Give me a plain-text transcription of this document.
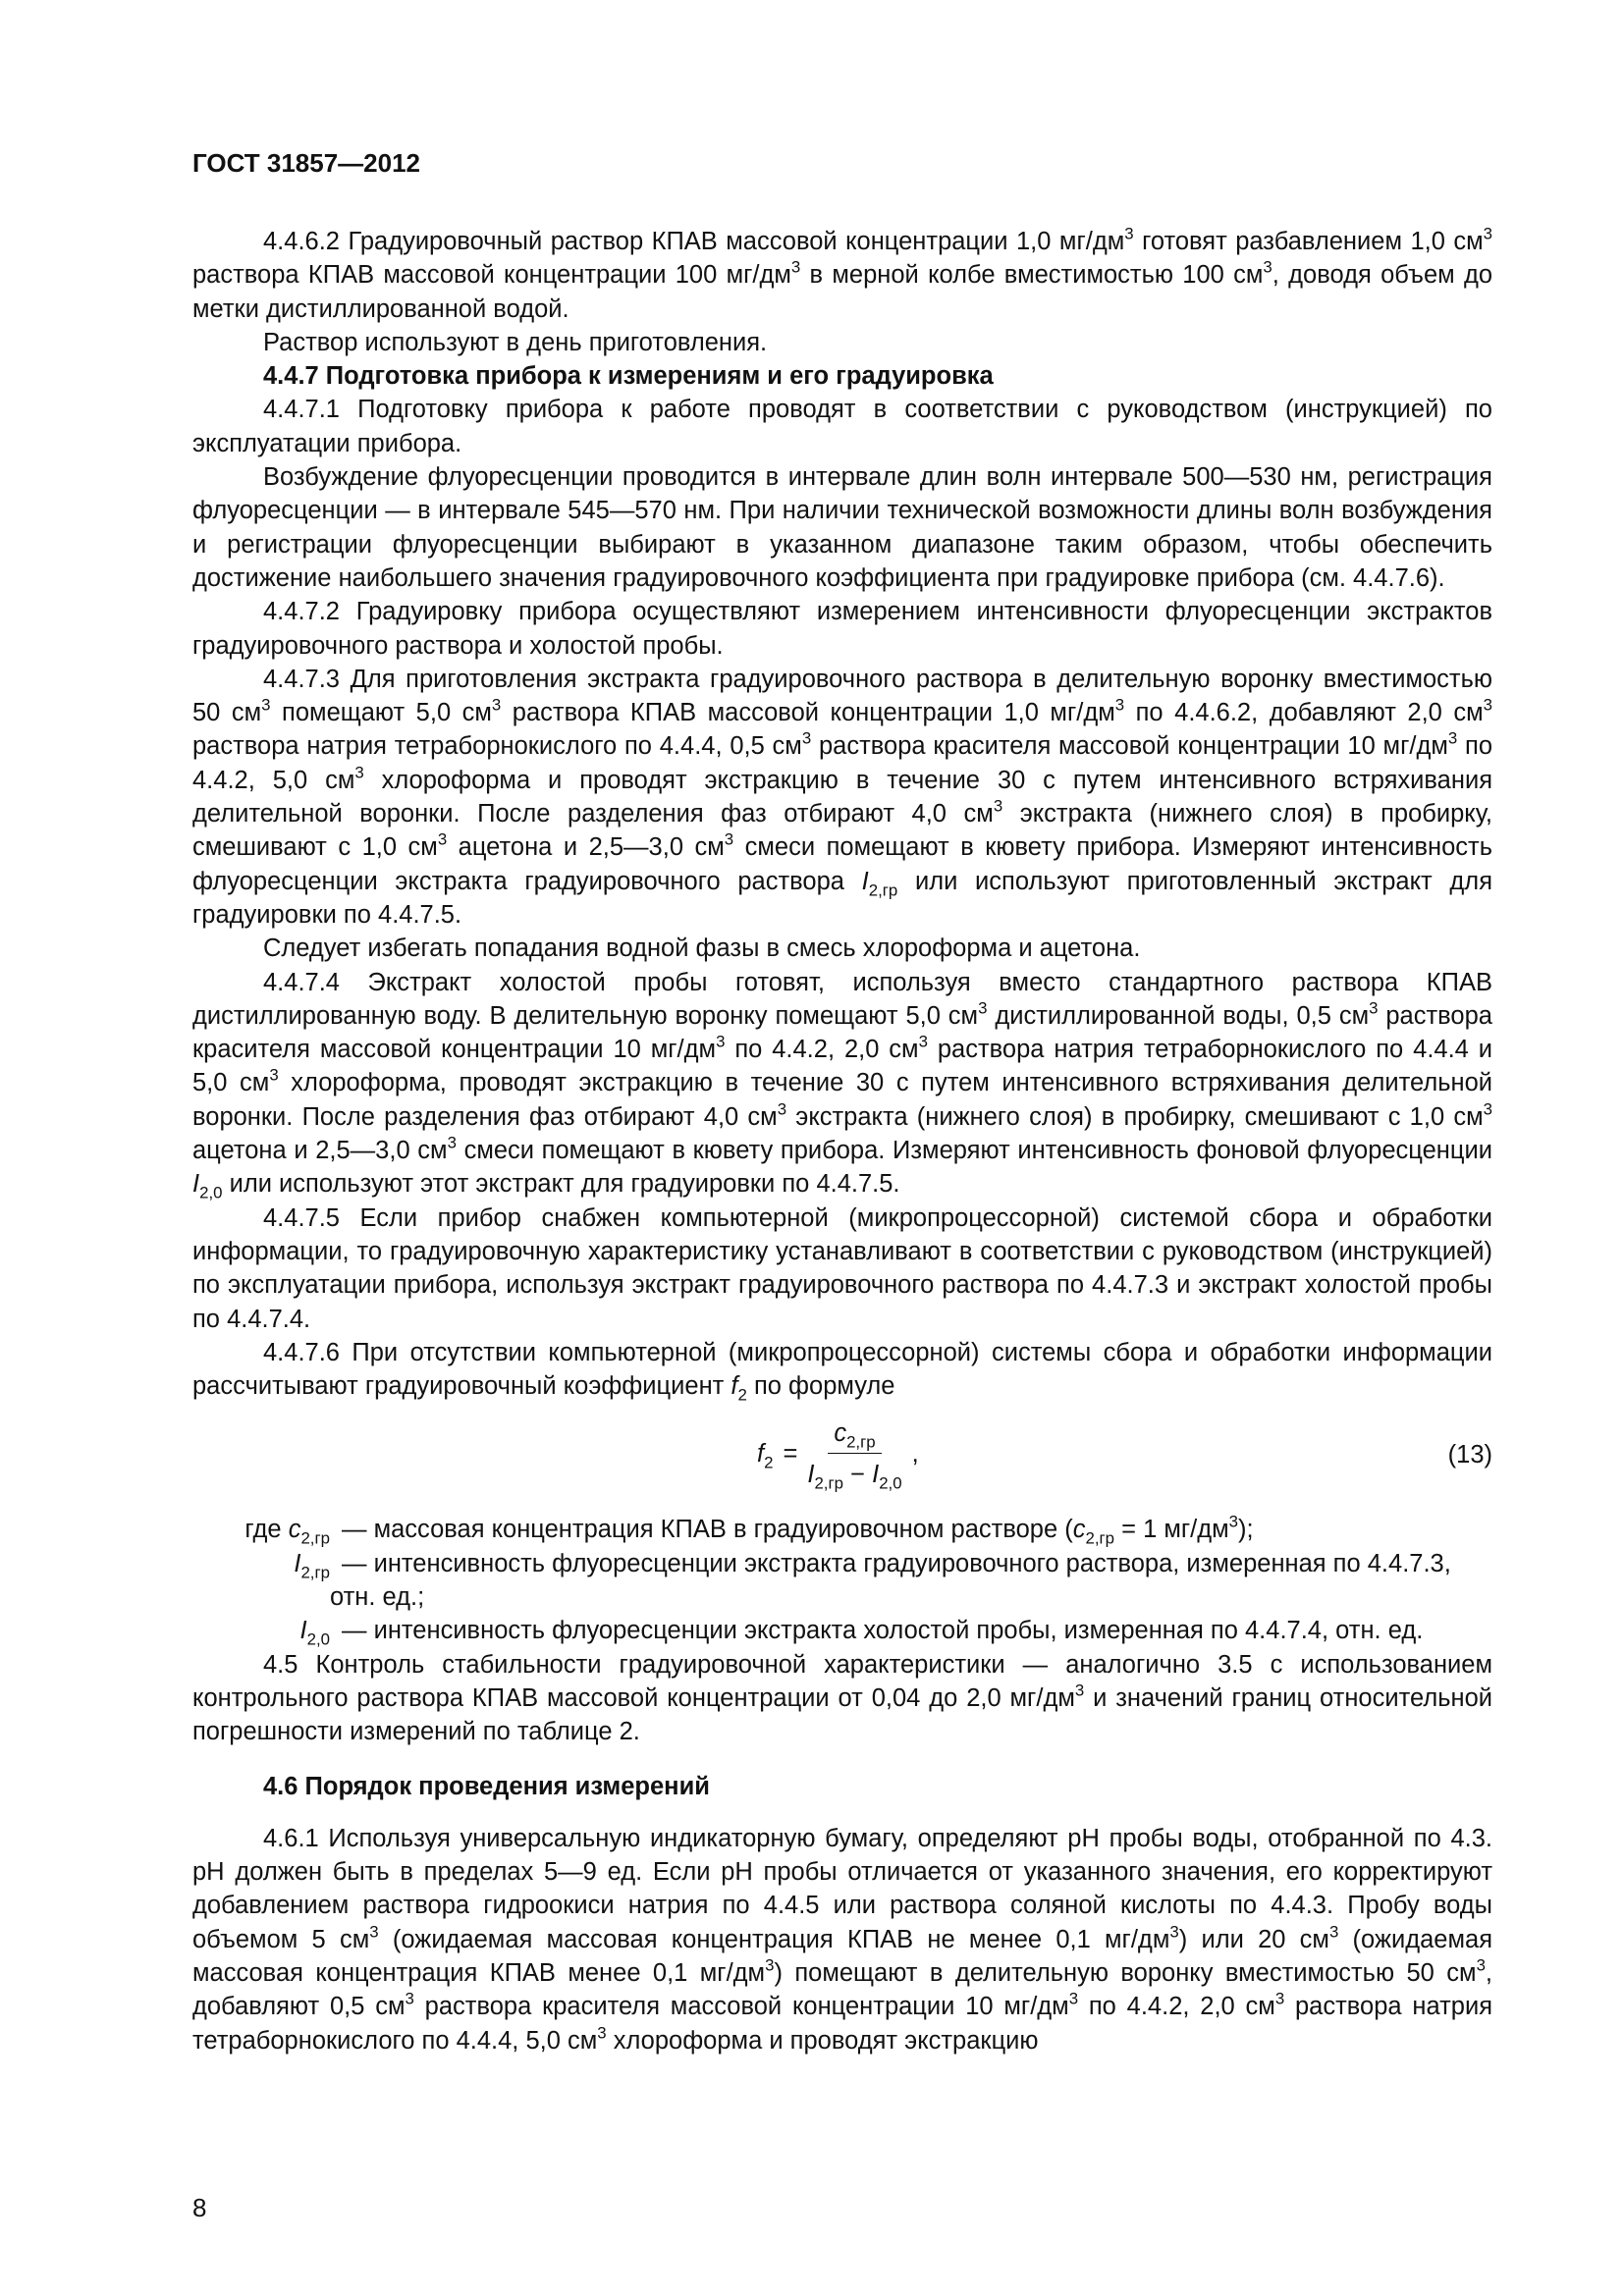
ГОСТ 31857—2012

4.4.6.2 Градуировочный раствор КПАВ массовой концентрации 1,0 $мг/дм^3$ готовят разбавлением 1,0 $см^3$ раствора КПАВ массовой концентрации 100 $мг/дм^3$ в мерной колбе вместимостью 100 $см^3$, доводя объем до метки дистиллированной водой.

Раствор используют в день приготовления.

4.4.7 Подготовка прибора к измерениям и его градуировка

4.4.7.1 Подготовку прибора к работе проводят в соответствии с руководством (инструкцией) по эксплуатации прибора.

Возбуждение флуоресценции проводится в интервале длин волн интервале 500—530 нм, регистрация флуоресценции — в интервале 545—570 нм. При наличии технической возможности длины волн возбуждения и регистрации флуоресценции выбирают в указанном диапазоне таким образом, чтобы обеспечить достижение наибольшего значения градуировочного коэффициента при градуировке прибора (см. 4.4.7.6).

4.4.7.2 Градуировку прибора осуществляют измерением интенсивности флуоресценции экстрактов градуировочного раствора и холостой пробы.

4.4.7.3 Для приготовления экстракта градуировочного раствора в делительную воронку вместимостью 50 $см^3$ помещают 5,0 $см^3$ раствора КПАВ массовой концентрации 1,0 $мг/дм^3$ по 4.4.6.2, добавляют 2,0 $см^3$ раствора натрия тетраборнокислого по 4.4.4, 0,5 $см^3$ раствора красителя массовой концентрации 10 $мг/дм^3$ по 4.4.2, 5,0 $см^3$ хлороформа и проводят экстракцию в течение 30 с путем интенсивного встряхивания делительной воронки. После разделения фаз отбирают 4,0 $см^3$ экстракта (нижнего слоя) в пробирку, смешивают с 1,0 $см^3$ ацетона и 2,5—3,0 $см^3$ смеси помещают в кювету прибора. Измеряют интенсивность флуоресценции экстракта градуировочного раствора $I_{2,гр}$ или используют приготовленный экстракт для градуировки по 4.4.7.5.

Следует избегать попадания водной фазы в смесь хлороформа и ацетона.

4.4.7.4 Экстракт холостой пробы готовят, используя вместо стандартного раствора КПАВ дистиллированную воду. В делительную воронку помещают 5,0 $см^3$ дистиллированной воды, 0,5 $см^3$ раствора красителя массовой концентрации 10 $мг/дм^3$ по 4.4.2, 2,0 $см^3$ раствора натрия тетраборнокислого по 4.4.4 и 5,0 $см^3$ хлороформа, проводят экстракцию в течение 30 с путем интенсивного встряхивания делительной воронки. После разделения фаз отбирают 4,0 $см^3$ экстракта (нижнего слоя) в пробирку, смешивают с 1,0 $см^3$ ацетона и 2,5—3,0 $см^3$ смеси помещают в кювету прибора. Измеряют интенсивность фоновой флуоресценции $I_{2,0}$ или используют этот экстракт для градуировки по 4.4.7.5.

4.4.7.5 Если прибор снабжен компьютерной (микропроцессорной) системой сбора и обработки информации, то градуировочную характеристику устанавливают в соответствии с руководством (инструкцией) по эксплуатации прибора, используя экстракт градуировочного раствора по 4.4.7.3 и экстракт холостой пробы по 4.4.7.4.

4.4.7.6 При отсутствии компьютерной (микропроцессорной) системы сбора и обработки информации рассчитывают градуировочный коэффициент $f_2$ по формуле

$f_2 = \frac{c_{2,гр}}{I_{2,гр} - I_{2,0}}$ ,	(13)
где $c_{2,гр}$ — массовая концентрация КПАВ в градуировочном растворе ($c_{2,гр} = 1$ $мг/дм^3$);
$I_{2,гр}$ — интенсивность флуоресценции экстракта градуировочного раствора, измеренная по 4.4.7.3, отн. ед.;
$I_{2,0}$ — интенсивность флуоресценции экстракта холостой пробы, измеренная по 4.4.7.4, отн. ед.

4.5 Контроль стабильности градуировочной характеристики — аналогично 3.5 с использованием контрольного раствора КПАВ массовой концентрации от 0,04 до 2,0 $мг/дм^3$ и значений границ относительной погрешности измерений по таблице 2.

4.6 Порядок проведения измерений

4.6.1 Используя универсальную индикаторную бумагу, определяют pH пробы воды, отобранной по 4.3. pH должен быть в пределах 5—9 ед. Если pH пробы отличается от указанного значения, его корректируют добавлением раствора гидроокиси натрия по 4.4.5 или раствора соляной кислоты по 4.4.3. Пробу воды объемом 5 $см^3$ (ожидаемая массовая концентрация КПАВ не менее 0,1 $мг/дм^3$) или 20 $см^3$ (ожидаемая массовая концентрация КПАВ менее 0,1 $мг/дм^3$) помещают в делительную воронку вместимостью 50 $см^3$, добавляют 0,5 $см^3$ раствора красителя массовой концентрации 10 $мг/дм^3$ по 4.4.2, 2,0 $см^3$ раствора натрия тетраборнокислого по 4.4.4, 5,0 $см^3$ хлороформа и проводят экстракцию

8
